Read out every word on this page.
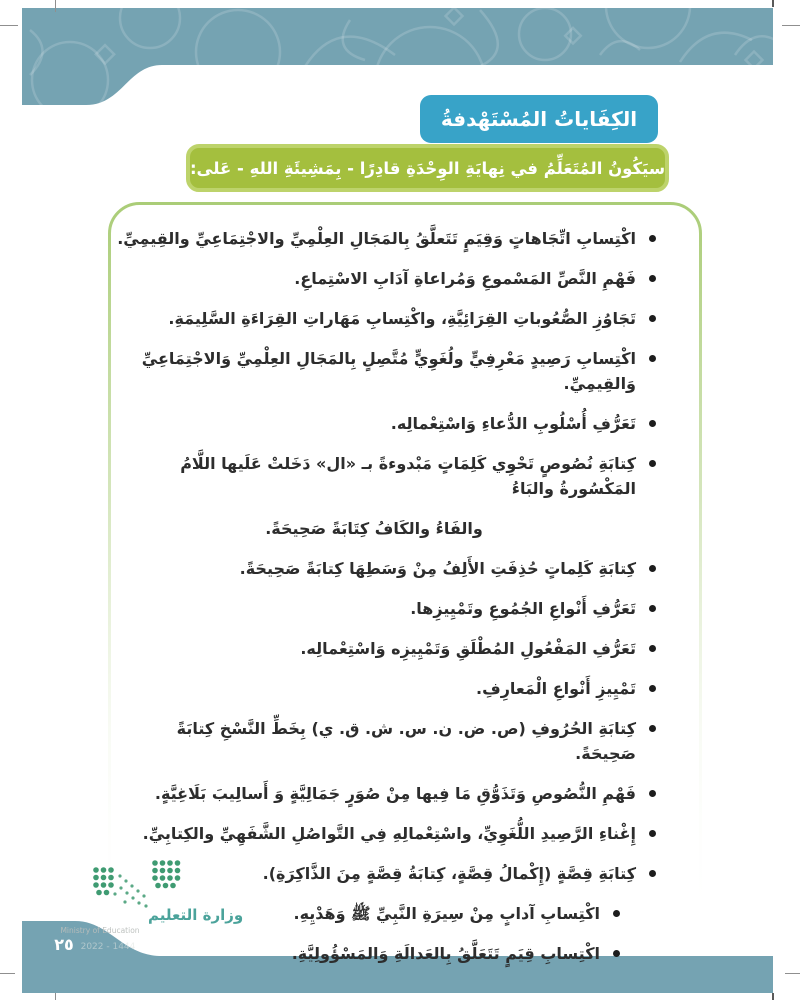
الكِفَاياتُ المُسْتَهْدفةُ
سيَكُونُ المُتَعَلِّمُ في نِهايَةِ الوِحْدَةِ قادِرًا - بِمَشِيئَةِ اللهِ - عَلى:
اكْتِسابِ اتِّجَاهاتٍ وَقِيَمٍ تَتَعلَّقُ بِالمَجَالِ العِلْمِيِّ والاجْتِمَاعِيِّ والقِيمِيِّ.
فَهْمِ النَّصِّ المَسْموعِ وَمُراعاةِ آدَابِ الاسْتِماعِ.
تَجَاوُزِ الصُّعُوباتِ القِرَائِيَّةِ، واكْتِسابِ مَهَاراتِ القِرَاءَةِ السَّلِيمَةِ.
اكْتِسابِ رَصِيدٍ مَعْرِفِيٍّ ولُغَوِيٍّ مُتَّصِلٍ بِالمَجَالِ العِلْمِيِّ وَالاجْتِمَاعِيِّ وَالقِيمِيِّ.
تَعَرُّفِ أُسْلُوبِ الدُّعاءِ وَاسْتِعْمالِه.
كِتابَةِ نُصُوصٍ تَحْوِي كَلِمَاتٍ مَبْدوءةً بـ «ال» دَخَلتْ عَلَيها اللَّامُ المَكْسُورةُ والبَاءُ
والفَاءُ والكَافُ كِتَابَةً صَحِيحَةً.
كِتابَةِ كَلِماتٍ حُذِفَتِ الأَلِفُ مِنْ وَسَطِهَا كِتابَةً صَحِيحَةً.
تَعَرُّفِ أَنْواعِ الجُمُوعِ وتَمْيِيزِها.
تَعَرُّفِ المَفْعُولِ المُطْلَقِ وَتَمْيِيزِه وَاسْتِعْمالِه.
تَمْيِيزِ أَنْواعِ الْمَعارِفِ.
كِتابَةِ الحُرُوفِ (ص. ض. ن. س. ش. ق. ي) بِخَطِّ النَّسْخِ كِتابَةً صَحِيحَةً.
فَهْمِ النُّصُوصِ وَتَذَوُّقِ مَا فِيها مِنْ صُوَرٍ جَمَالِيَّةٍ وَ أَسالِيبَ بَلَاغِيَّةٍ.
إِغْناءِ الرَّصِيدِ اللُّغَوِيِّ، واسْتِعْمالِهِ فِي التَّواصُلِ الشَّفَهِيِّ والكِتابِيِّ.
كِتابَةِ قِصَّةٍ (إِكْمالُ قِصَّةٍ، كِتابَةُ قِصَّةٍ مِنَ الذَّاكِرَةِ).
اكْتِسابِ آدابٍ مِنْ سِيرَةِ النَّبِيِّ ﷺ وَهَدْيِهِ.
اكْتِسابِ قِيَمٍ تَتَعَلَّقُ بِالعَدالَةِ وَالمَسْؤُولِيَّةِ.
وزارة التعليم
Ministry of Education
2022 - 1444
٢٥
